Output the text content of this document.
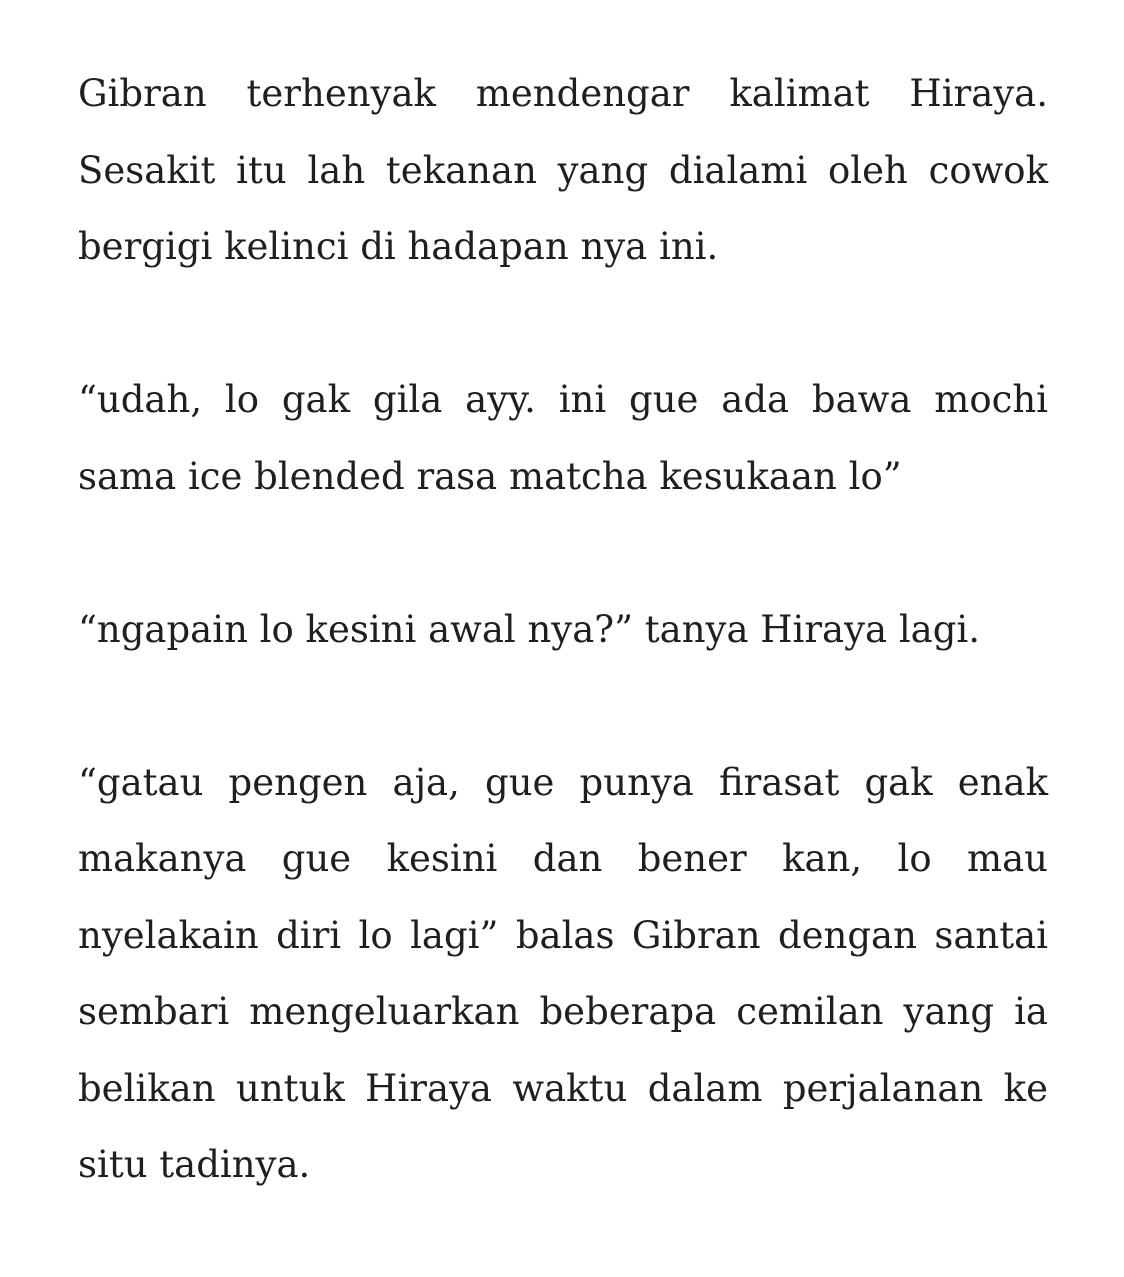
Gibran terhenyak mendengar kalimat Hiraya.
Sesakit itu lah tekanan yang dialami oleh cowok
bergigi kelinci di hadapan nya ini.

“udah, lo gak gila ayy. ini gue ada bawa mochi
sama ice blended rasa matcha kesukaan lo”

“ngapain lo kesini awal nya?” tanya Hiraya lagi.

“gatau pengen aja, gue punya firasat gak enak
makanya gue kesini dan bener kan, lo mau
nyelakain diri lo lagi” balas Gibran dengan santai
sembari mengeluarkan beberapa cemilan yang ia
belikan untuk Hiraya waktu dalam perjalanan ke
situ tadinya.
